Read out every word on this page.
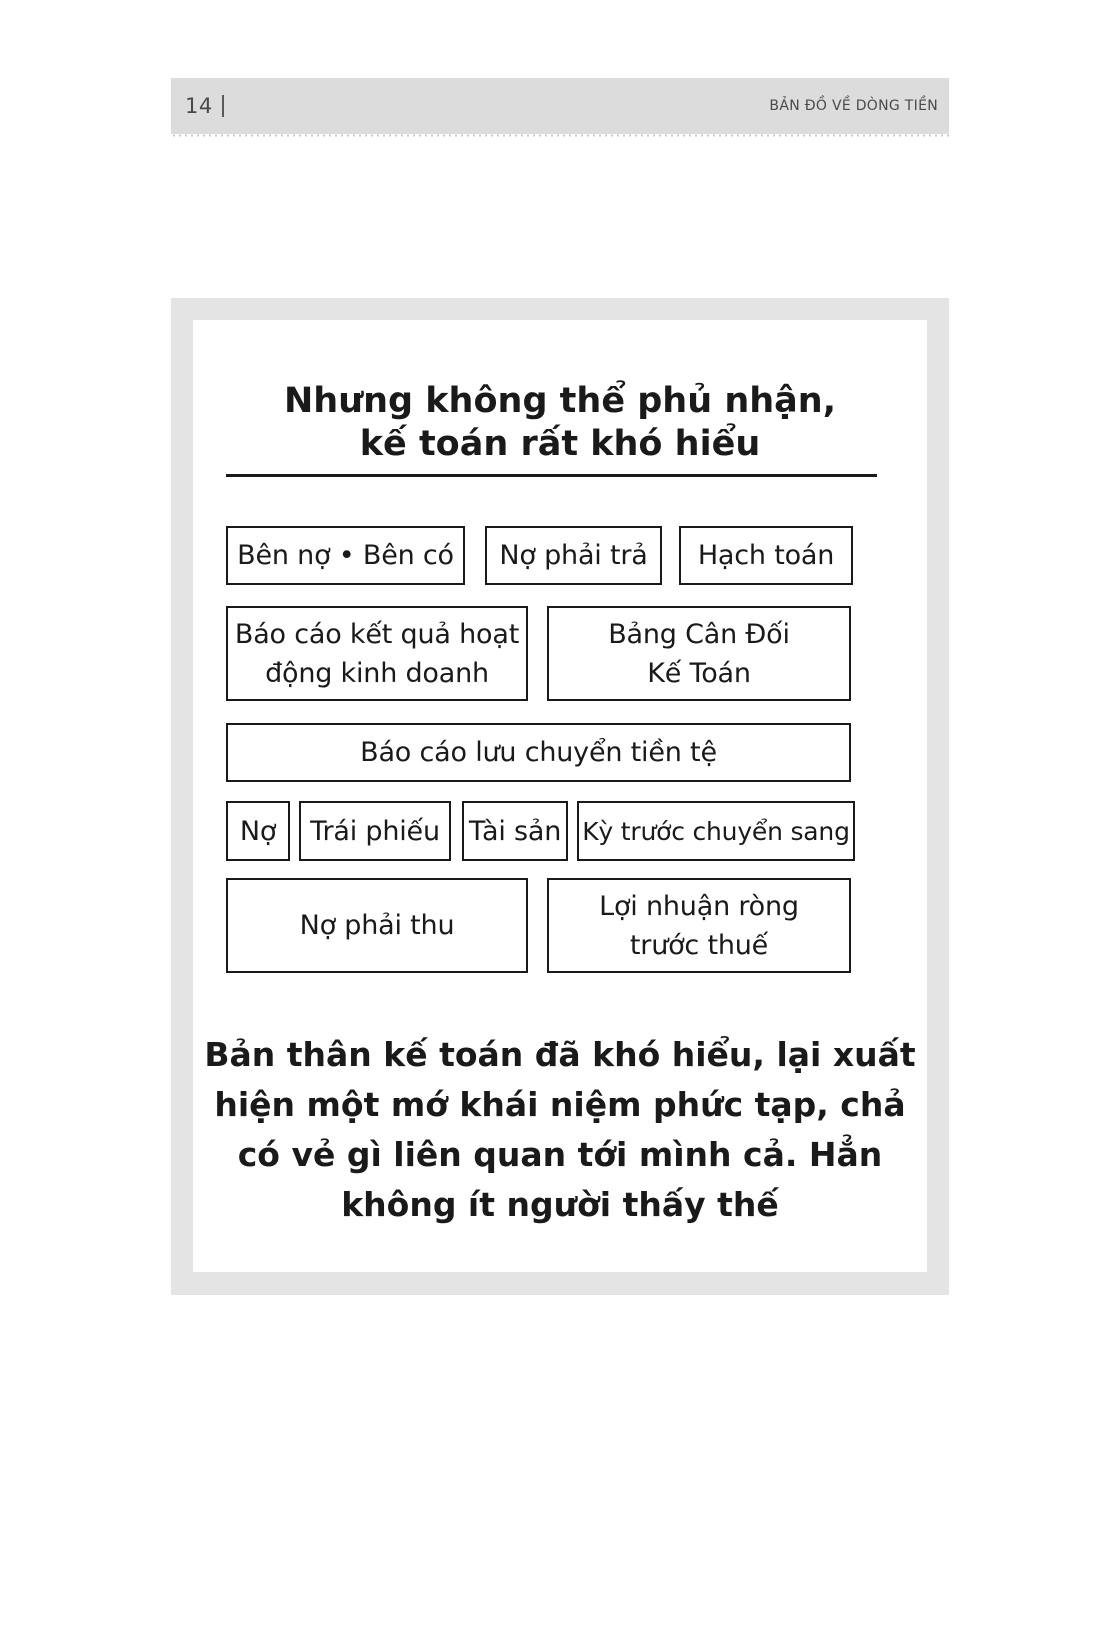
14	BẢN ĐỒ VỀ DÒNG TIỀN
Nhưng không thể phủ nhận,
kế toán rất khó hiểu
Bên nợ • Bên có	Nợ phải trả	Hạch toán
Báo cáo kết quả hoạt
động kinh doanh
Bảng Cân Đối
Kế Toán
Báo cáo lưu chuyển tiền tệ
Nợ	Trái phiếu	Tài sản Kỳ trước chuyển sang
Nợ phải thu
Lợi nhuận ròng
trước thuế
Bản thân kế toán đã khó hiểu, lại xuất
hiện một mớ khái niệm phức tạp, chả
có vẻ gì liên quan tới mình cả. Hẳn
không ít người thấy thế
